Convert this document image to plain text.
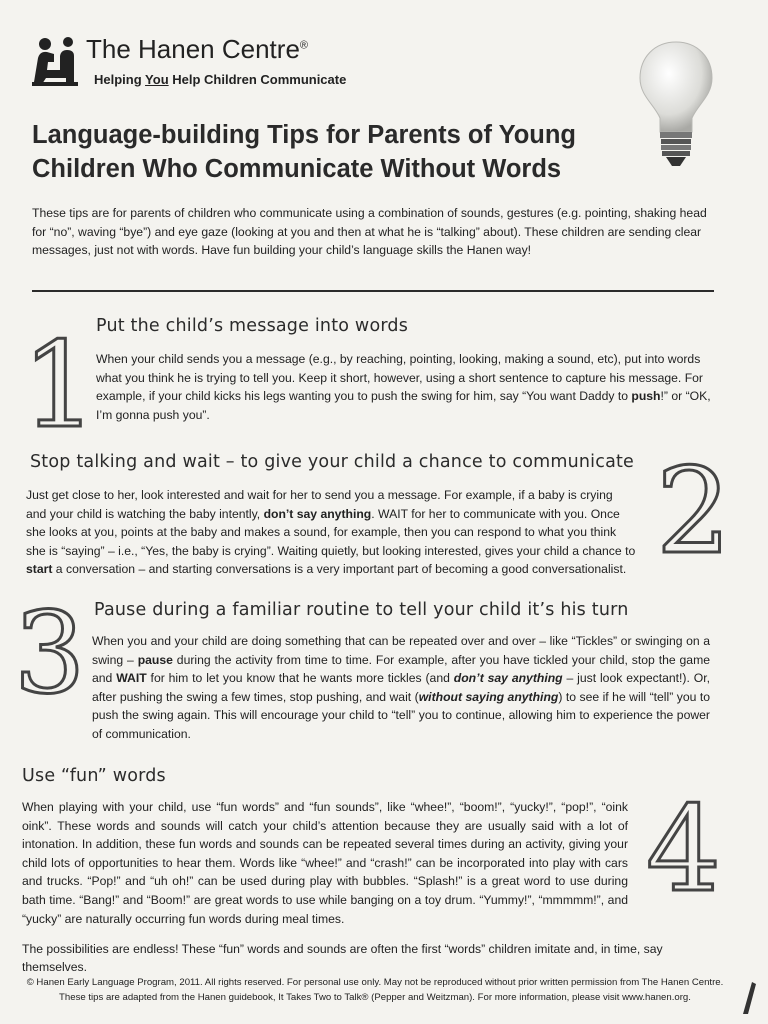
The Hanen Centre®
Helping You Help Children Communicate
Language-building Tips for Parents of Young Children Who Communicate Without Words
These tips are for parents of children who communicate using a combination of sounds, gestures (e.g. pointing, shaking head for “no”, waving “bye”) and eye gaze (looking at you and then at what he is “talking” about). These children are sending clear messages, just not with words. Have fun building your child’s language skills the Hanen way!
1
2
3
4
Put the child’s message into words
When your child sends you a message (e.g., by reaching, pointing, looking, making a sound, etc), put into words what you think he is trying to tell you. Keep it short, however, using a short sentence to capture his message. For example, if your child kicks his legs wanting you to push the swing for him, say “You want Daddy to push!” or “OK, I’m gonna push you”.
Stop talking and wait – to give your child a chance to communicate
Just get close to her, look interested and wait for her to send you a message. For example, if a baby is crying and your child is watching the baby intently, don’t say anything. WAIT for her to communicate with you. Once she looks at you, points at the baby and makes a sound, for example, then you can respond to what you think she is “saying” – i.e., “Yes, the baby is crying”. Waiting quietly, but looking interested, gives your child a chance to start a conversation – and starting conversations is a very important part of becoming a good conversationalist.
Pause during a familiar routine to tell your child it’s his turn
When you and your child are doing something that can be repeated over and over – like “Tickles” or swinging on a swing – pause during the activity from time to time. For example, after you have tickled your child, stop the game and WAIT for him to let you know that he wants more tickles (and don’t say anything – just look expectant!). Or, after pushing the swing a few times, stop pushing, and wait (without saying anything) to see if he will “tell” you to push the swing again. This will encourage your child to “tell” you to continue, allowing him to experience the power of communication.
Use “fun” words
When playing with your child, use “fun words” and “fun sounds”, like “whee!”, “boom!”, “yucky!”, “pop!”, “oink oink”. These words and sounds will catch your child’s attention because they are usually said with a lot of intonation. In addition, these fun words and sounds can be repeated several times during an activity, giving your child lots of opportunities to hear them. Words like “whee!” and “crash!” can be incorporated into play with cars and trucks. “Pop!” and “uh oh!” can be used during play with bubbles. “Splash!” is a great word to use during bath time. “Bang!” and “Boom!” are great words to use while banging on a toy drum. “Yummy!”, “mmmmm!”, and “yucky” are naturally occurring fun words during meal times.
The possibilities are endless! These “fun” words and sounds are often the first “words” children imitate and, in time, say themselves.
© Hanen Early Language Program, 2011. All rights reserved. For personal use only. May not be reproduced without prior written permission from The Hanen Centre.
These tips are adapted from the Hanen guidebook, It Takes Two to Talk® (Pepper and Weitzman). For more information, please visit www.hanen.org.
